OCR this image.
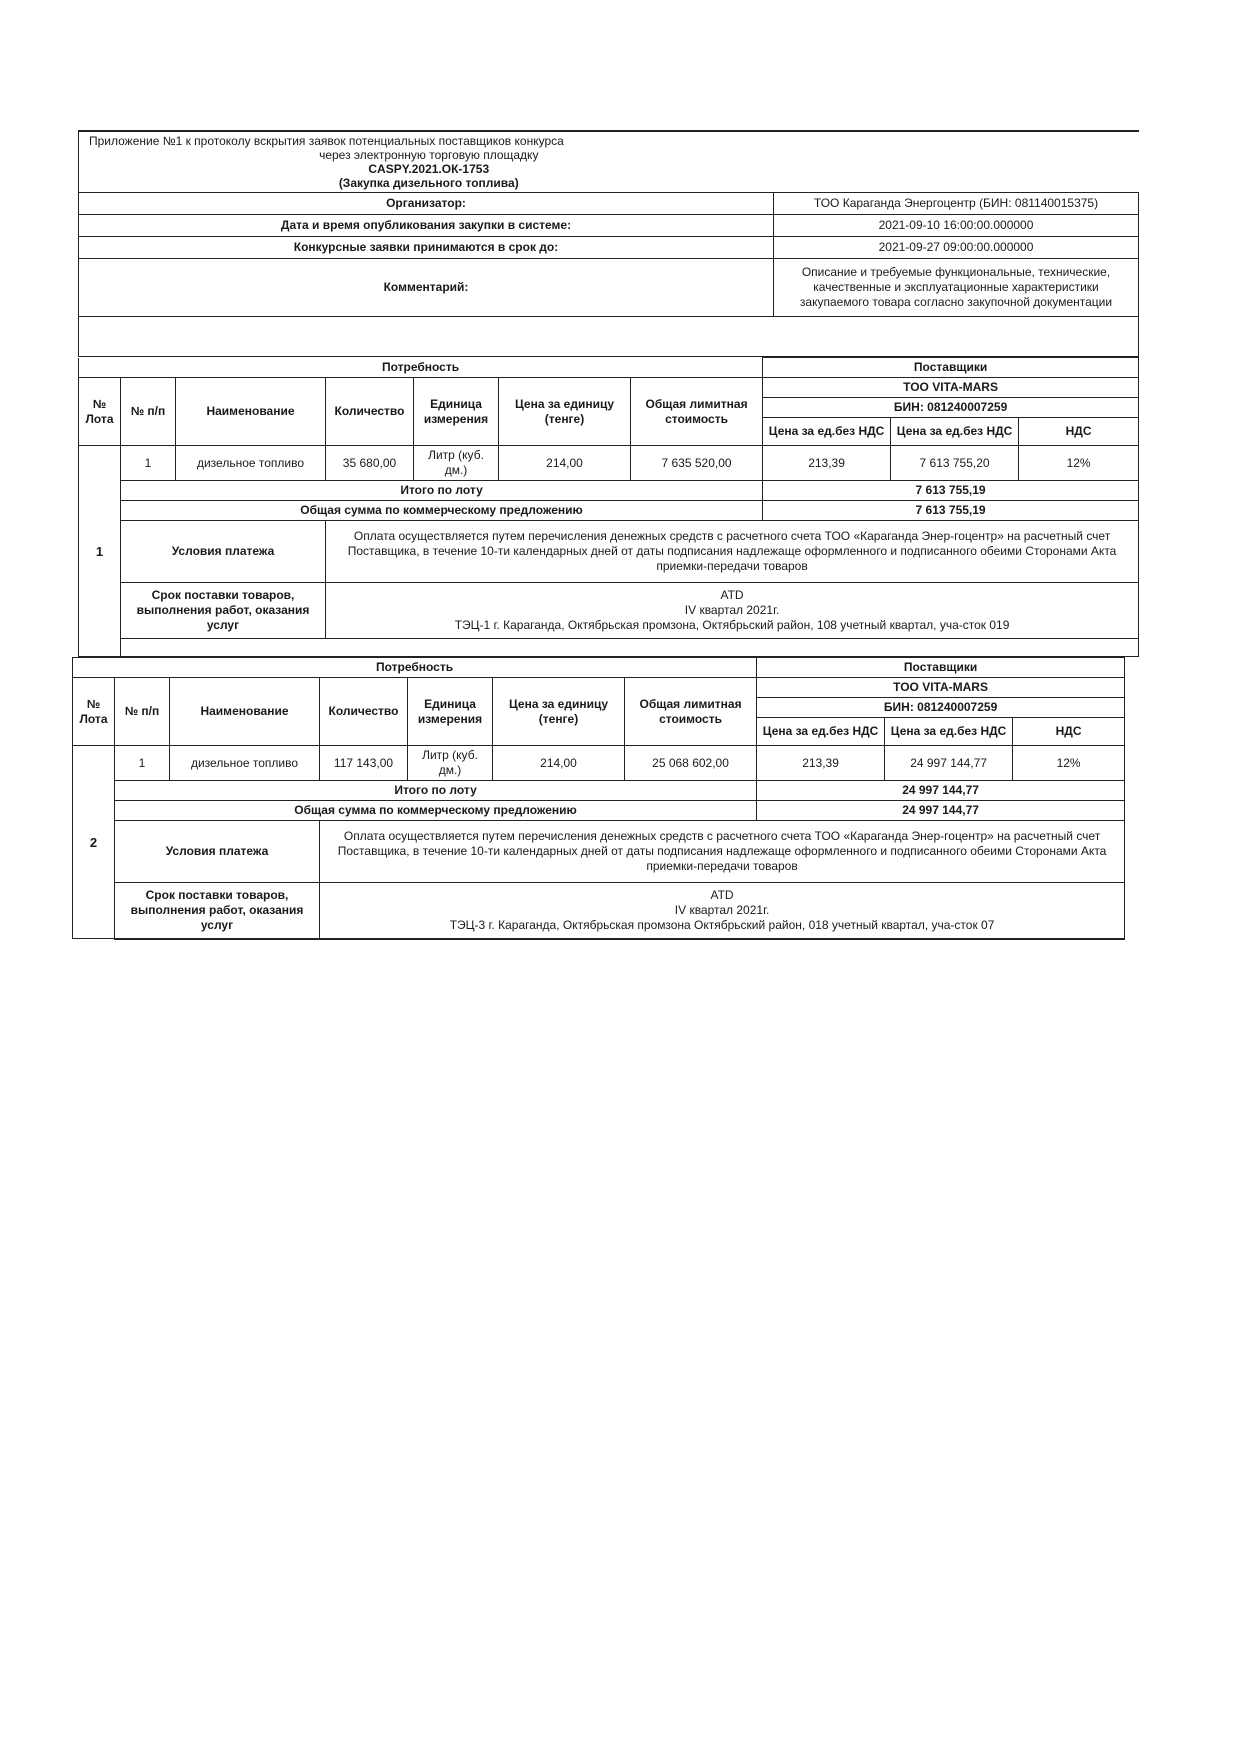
Приложение №1 к протоколу вскрытия заявок потенциальных поставщиков конкурса
через электронную торговую площадку
CASPY.2021.ОК-1753
(Закупка дизельного топлива)	

Организатор:	ТОО Караганда Энергоцентр (БИН: 081140015375)
Дата и время опубликования закупки в системе:	2021-09-10 16:00:00.000000
Конкурсные заявки принимаются в срок до:	2021-09-27 09:00:00.000000
Комментарий:	Описание и требуемые функциональные, технические, качественные и эксплуатационные характеристики закупаемого товара согласно закупочной документации

Потребность							Поставщики		
№ Лота	№ п/п	Наименование	Количество	Единица измерения	Цена за единицу (тенге)	Общая лимитная стоимость	ТОО VITA-MARS		
							БИН: 081240007259		
							Цена за ед.без НДС	Цена за ед.без НДС	НДС
1	1	дизельное топливо	35 680,00	Литр (куб. дм.)	214,00	7 635 520,00	213,39	7 613 755,20	12%
	Итого по лоту						7 613 755,19		
	Общая сумма по коммерческому предложению						7 613 755,19		
	Условия платежа		Оплата осуществляется путем перечисления денежных средств с расчетного счета ТОО «Караганда Энер-гоцентр» на расчетный счет Поставщика, в течение 10-ти календарных дней от даты подписания надлежаще оформленного и подписанного обеими Сторонами Акта приемки-передачи товаров						
	Срок поставки товаров, выполнения работ, оказания услуг		ATD
IV квартал 2021г.
ТЭЦ-1 г. Караганда, Октябрьская промзона, Октябрьский район, 108 учетный квартал, уча-сток 019						

Потребность							Поставщики		
№ Лота	№ п/п	Наименование	Количество	Единица измерения	Цена за единицу (тенге)	Общая лимитная стоимость	ТОО VITA-MARS		
							БИН: 081240007259		
							Цена за ед.без НДС	Цена за ед.без НДС	НДС
2	1	дизельное топливо	117 143,00	Литр (куб. дм.)	214,00	25 068 602,00	213,39	24 997 144,77	12%
	Итого по лоту						24 997 144,77		
	Общая сумма по коммерческому предложению						24 997 144,77		
	Условия платежа		Оплата осуществляется путем перечисления денежных средств с расчетного счета ТОО «Караганда Энер-гоцентр» на расчетный счет Поставщика, в течение 10-ти календарных дней от даты подписания надлежаще оформленного и подписанного обеими Сторонами Акта приемки-передачи товаров						
	Срок поставки товаров, выполнения работ, оказания услуг		ATD
IV квартал 2021г.
ТЭЦ-3 г. Караганда, Октябрьская промзона Октябрьский район, 018 учетный квартал, уча-сток 07						
